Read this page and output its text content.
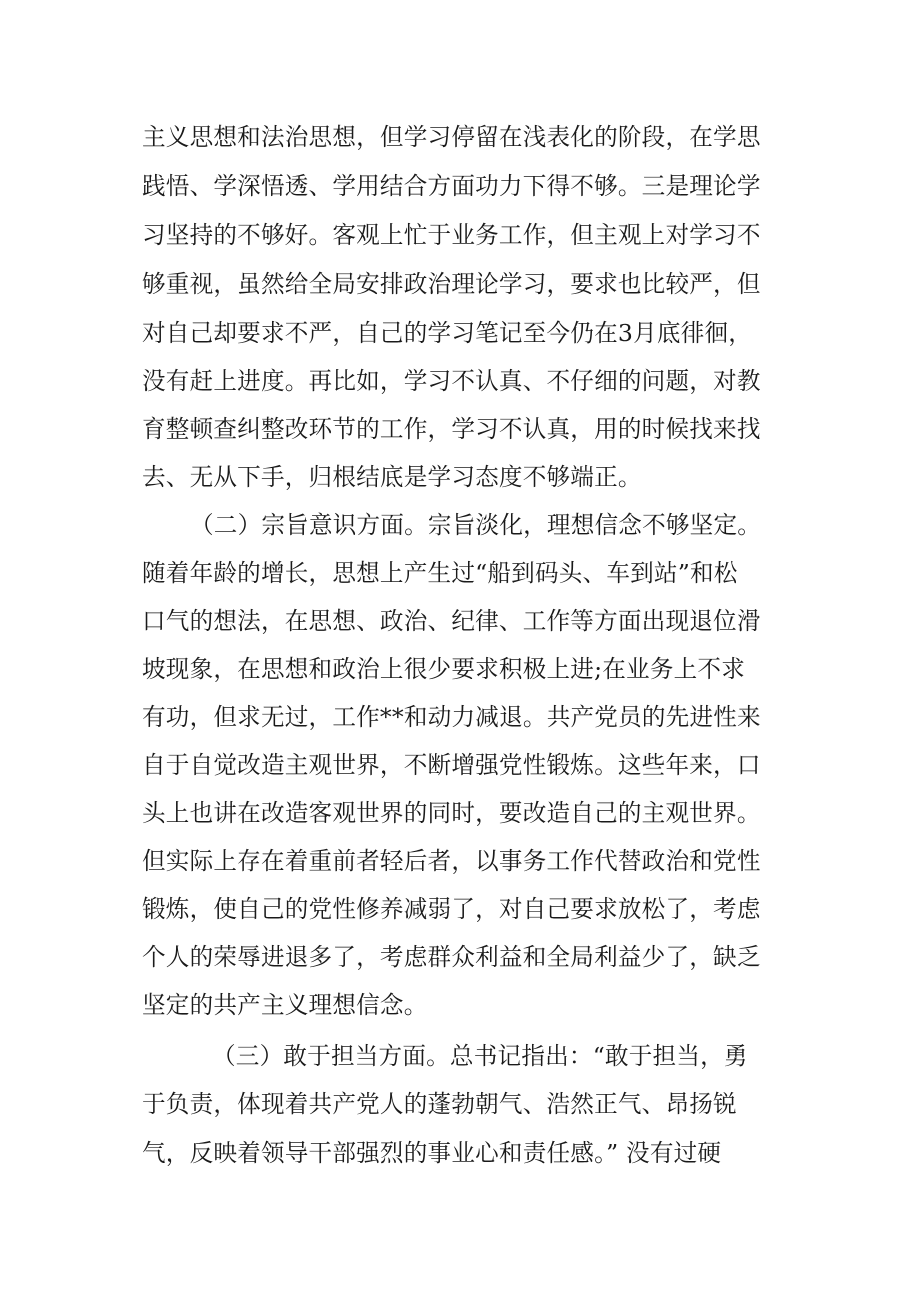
主义思想和法治思想，但学习停留在浅表化的阶段，在学思
践悟、学深悟透、学用结合方面功力下得不够。三是理论学
习坚持的不够好。客观上忙于业务工作，但主观上对学习不
够重视，虽然给全局安排政治理论学习，要求也比较严，但
对自己却要求不严，自己的学习笔记至今仍在3月底徘徊，
没有赶上进度。再比如，学习不认真、不仔细的问题，对教
育整顿查纠整改环节的工作，学习不认真，用的时候找来找
去、无从下手，归根结底是学习态度不够端正。
（二）宗旨意识方面。宗旨淡化，理想信念不够坚定。
随着年龄的增长，思想上产生过“船到码头、车到站”和松
口气的想法，在思想、政治、纪律、工作等方面出现退位滑
坡现象，在思想和政治上很少要求积极上进;在业务上不求
有功，但求无过，工作**和动力减退。共产党员的先进性来
自于自觉改造主观世界，不断增强党性锻炼。这些年来，口
头上也讲在改造客观世界的同时，要改造自己的主观世界。
但实际上存在着重前者轻后者，以事务工作代替政治和党性
锻炼，使自己的党性修养减弱了，对自己要求放松了，考虑
个人的荣辱进退多了，考虑群众利益和全局利益少了，缺乏
坚定的共产主义理想信念。
（三）敢于担当方面。总书记指出：“敢于担当，勇
于负责，体现着共产党人的蓬勃朝气、浩然正气、昂扬锐
气，反映着领导干部强烈的事业心和责任感。” 没有过硬
